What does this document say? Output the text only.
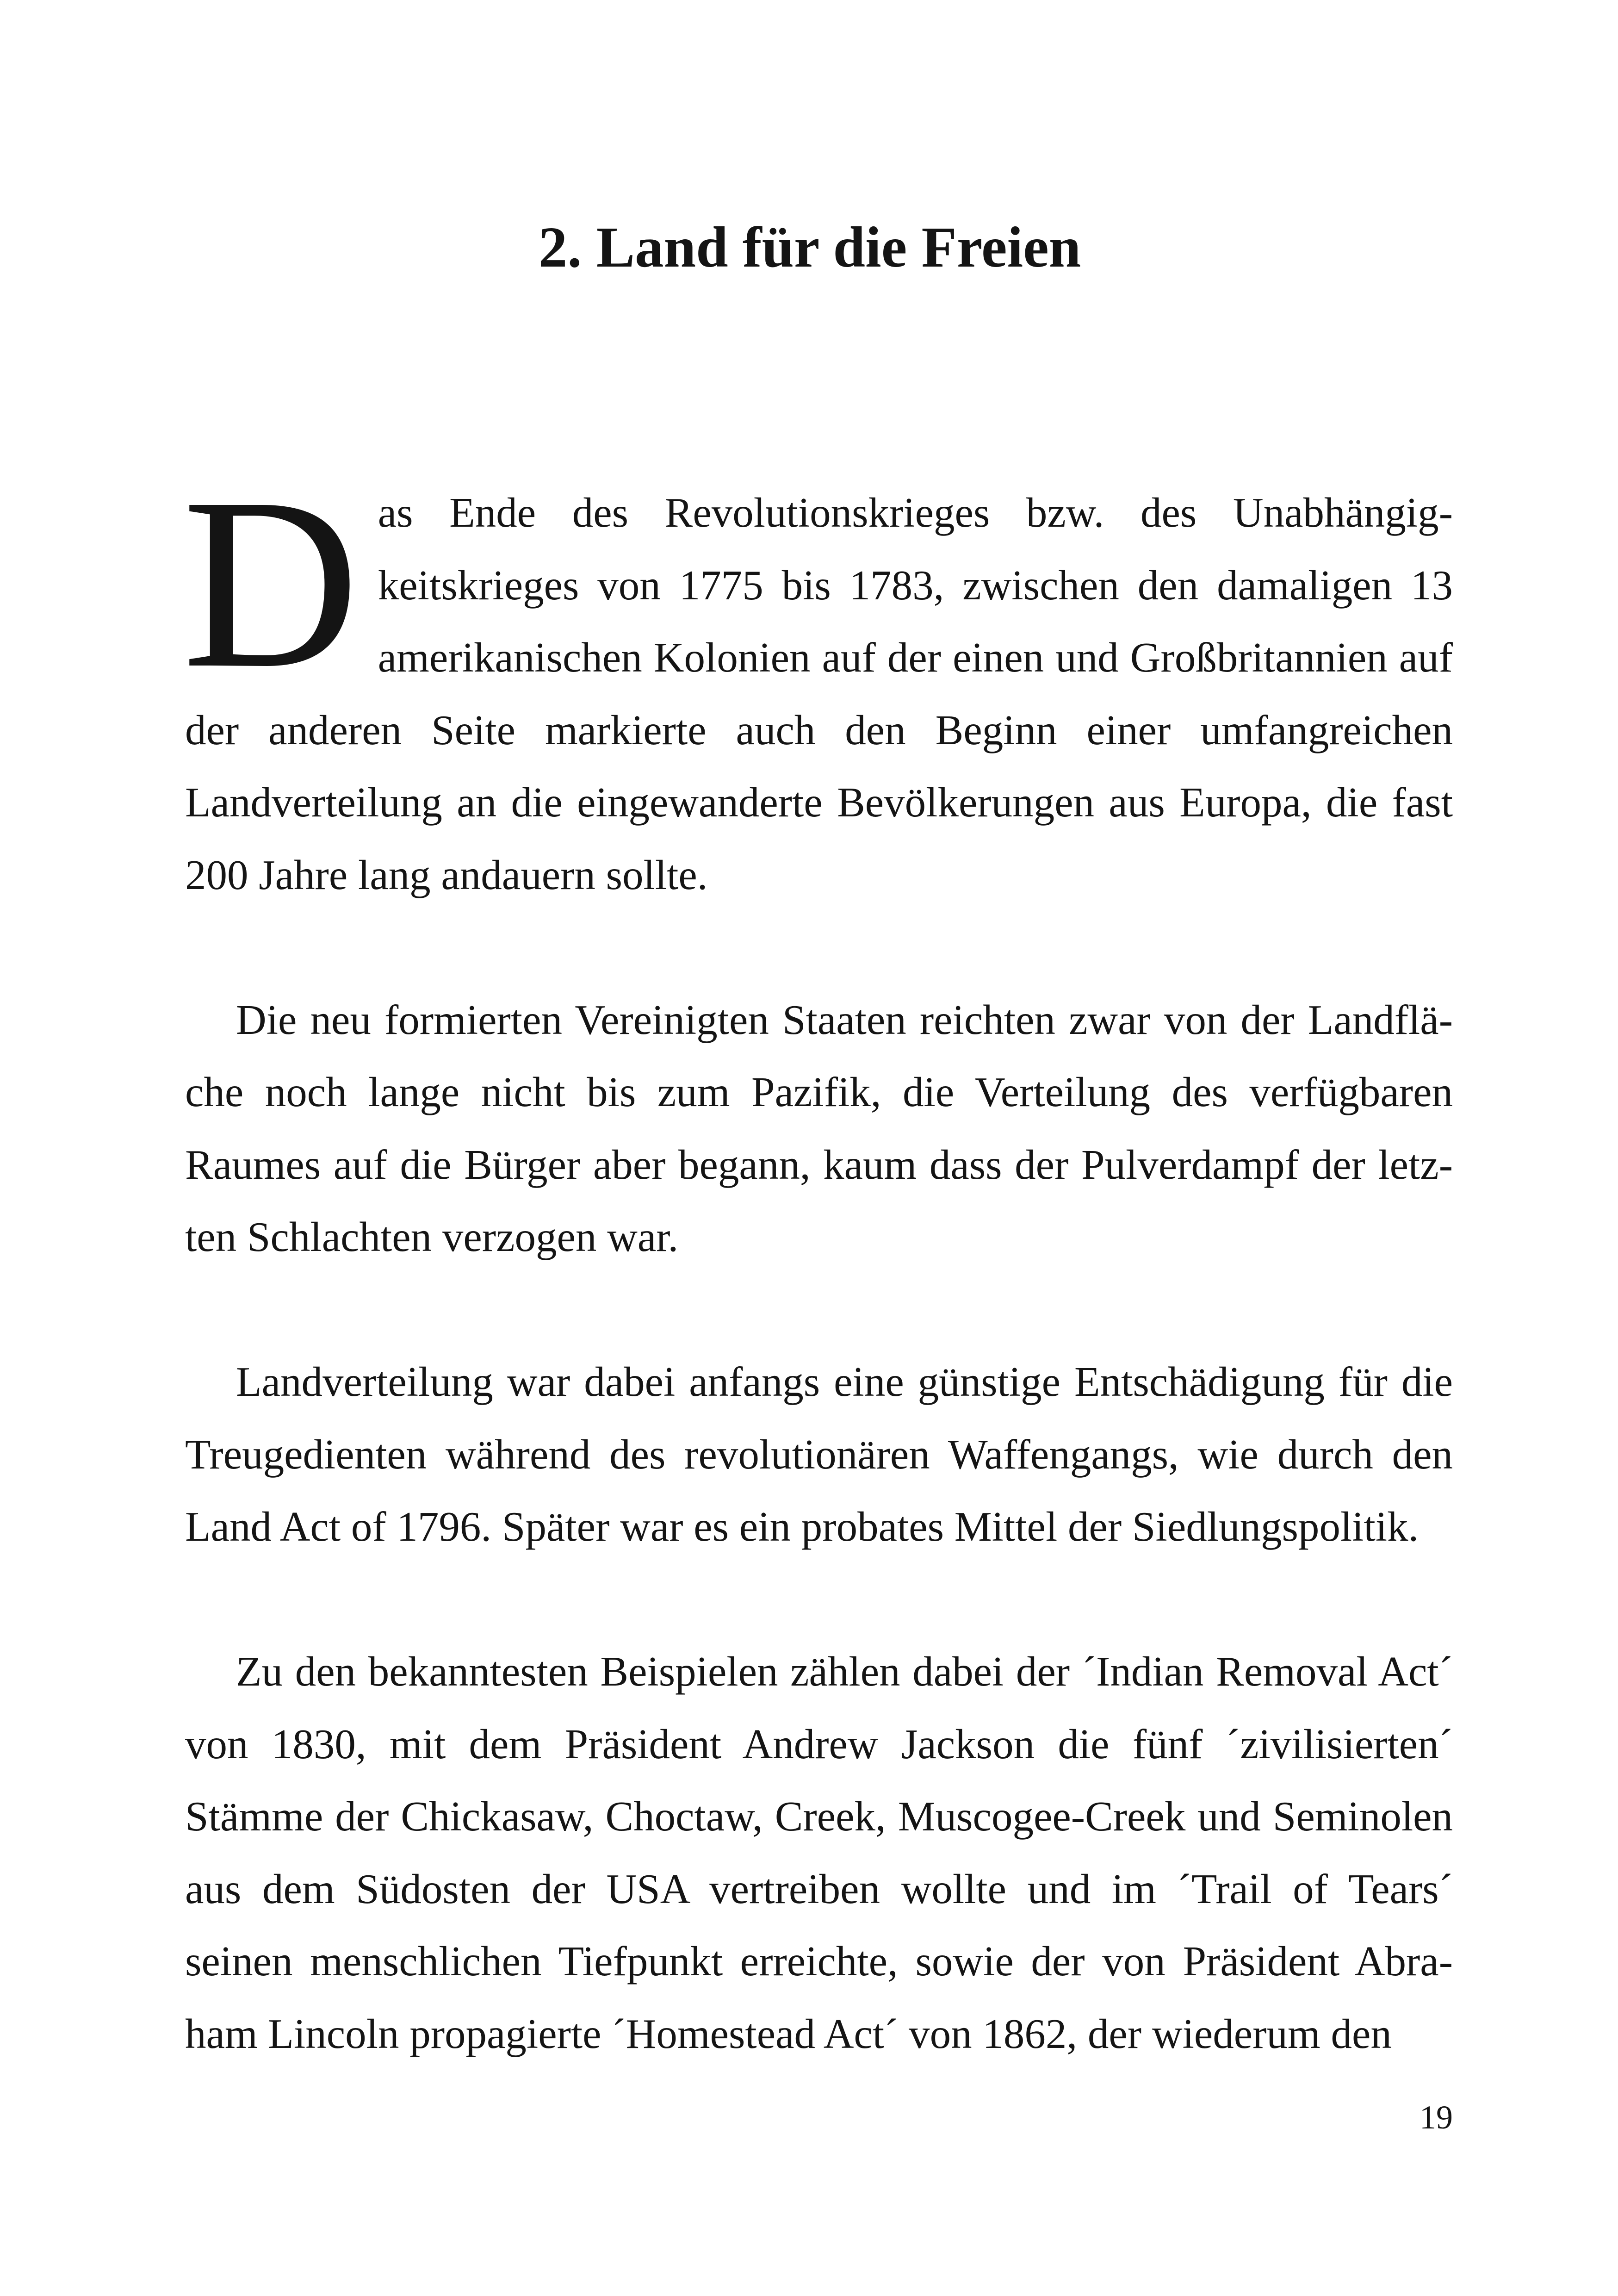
2. Land für die Freien

Das Ende des Revolutionskrieges bzw. des Unabhängigkeitskrieges von 1775 bis 1783, zwischen den damaligen 13 amerikanischen Kolonien auf der einen und Großbritannien auf der anderen Seite markierte auch den Beginn einer umfangreichen Landverteilung an die eingewanderte Bevölkerungen aus Europa, die fast 200 Jahre lang andauern sollte.

Die neu formierten Vereinigten Staaten reichten zwar von der Landfläche noch lange nicht bis zum Pazifik, die Verteilung des verfügbaren Raumes auf die Bürger aber begann, kaum dass der Pulverdampf der letzten Schlachten verzogen war.

Landverteilung war dabei anfangs eine günstige Entschädigung für die Treugedienten während des revolutionären Waffengangs, wie durch den Land Act of 1796. Später war es ein probates Mittel der Siedlungspolitik.

Zu den bekanntesten Beispielen zählen dabei der ´Indian Removal Act´ von 1830, mit dem Präsident Andrew Jackson die fünf ´zivilisierten´ Stämme der Chickasaw, Choctaw, Creek, Muscogee-Creek und Seminolen aus dem Südosten der USA vertreiben wollte und im ´Trail of Tears´ seinen menschlichen Tiefpunkt erreichte, sowie der von Präsident Abraham Lincoln propagierte ´Homestead Act´ von 1862, der wiederum den

19
